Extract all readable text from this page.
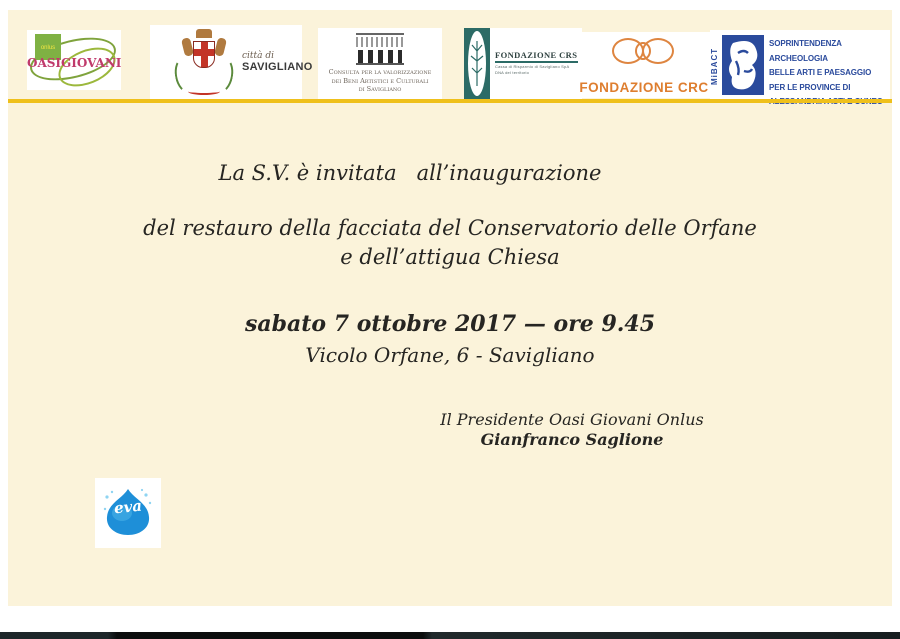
onlus
OASIGIOVANI	città di
SAVIGLIANO	Consulta per la valorizzazione
dei Beni Artistici e Culturali
di Savigliano
FONDAZIONE CRS
Cassa di Risparmio di Savigliano SpA
DNA del territorio
FONDAZIONE CRC
MiBACT
SOPRINTENDENZA ARCHEOLOGIA
BELLE ARTI E PAESAGGIO
PER LE PROVINCE DI
La S.V. è invitata   all’inaugurazione
del restauro della facciata del Conservatorio delle Orfane
e dell’attigua Chiesa
sabato 7 ottobre 2017 — ore 9.45
Vicolo Orfane, 6 - Savigliano
Il Presidente Oasi Giovani Onlus
Gianfranco Saglione
eva
